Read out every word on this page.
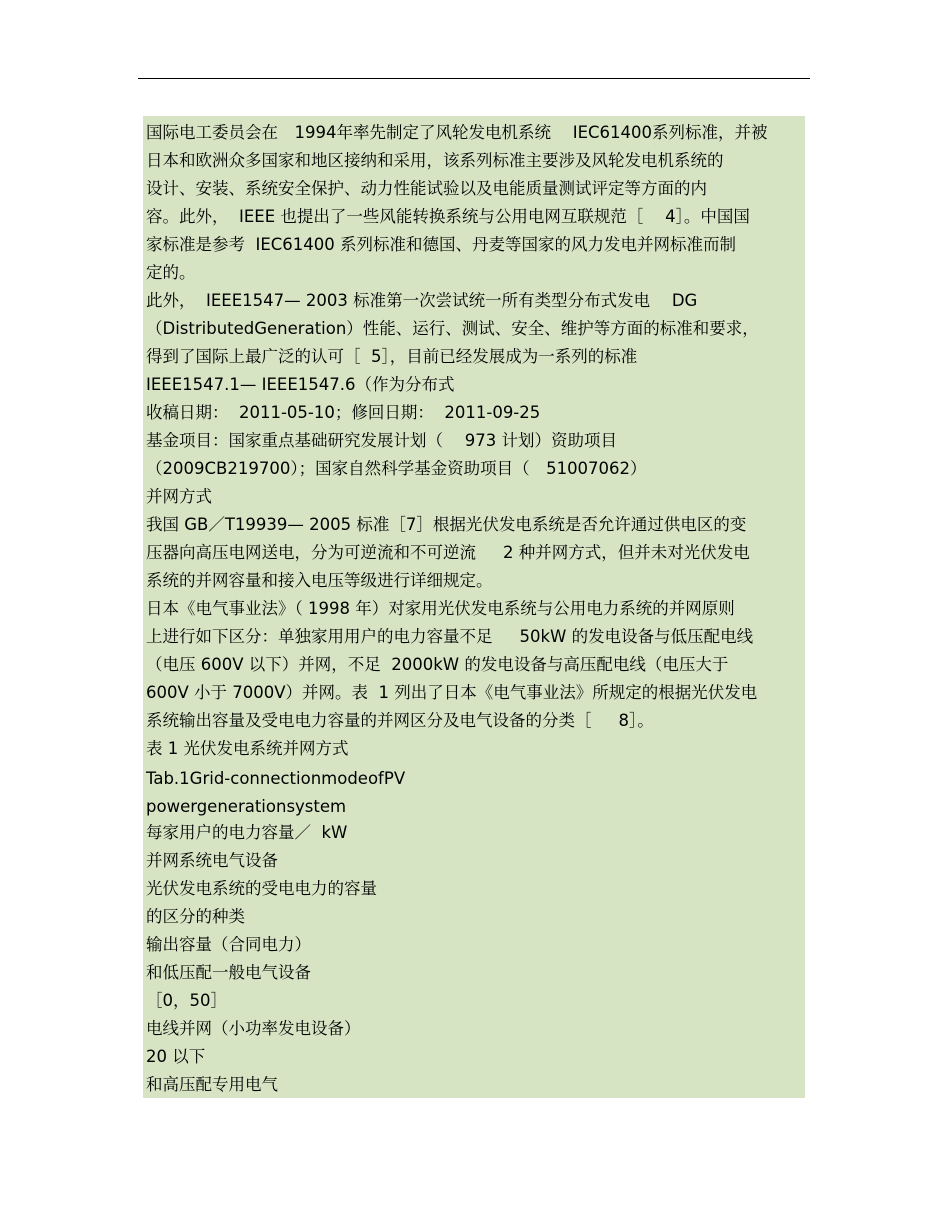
国际电工委员会在　1994年率先制定了风轮发电机系统　 IEC61400系列标准，并被
日本和欧洲众多国家和地区接纳和采用，该系列标准主要涉及风轮发电机系统的
设计、安装、系统安全保护、动力性能试验以及电能质量测试评定等方面的内
容。此外，  IEEE 也提出了一些风能转换系统与公用电网互联规范［　 4］。中国国
家标准是参考  IEC61400 系列标准和德国、丹麦等国家的风力发电并网标准而制
定的。
此外，  IEEE1547— 2003 标准第一次尝试统一所有类型分布式发电　 DG
（DistributedGeneration）性能、运行、测试、安全、维护等方面的标准和要求，
得到了国际上最广泛的认可［  5］，目前已经发展成为一系列的标准
IEEE1547.1— IEEE1547.6（作为分布式
收稿日期：  2011-05-10；修回日期：  2011-09-25
基金项目：国家重点基础研究发展计划（　 973 计划）资助项目
（2009CB219700）；国家自然科学基金资助项目（　51007062）
并网方式
我国 GB／T19939— 2005 标准［7］根据光伏发电系统是否允许通过供电区的变
压器向高压电网送电，分为可逆流和不可逆流　  2 种并网方式，但并未对光伏发电
系统的并网容量和接入电压等级进行详细规定。
日本《电气事业法》（ 1998 年）对家用光伏发电系统与公用电力系统的并网原则
上进行如下区分：单独家用用户的电力容量不足　  50kW 的发电设备与低压配电线
（电压 600V 以下）并网，不足  2000kW 的发电设备与高压配电线（电压大于
600V 小于 7000V）并网。表  1 列出了日本《电气事业法》所规定的根据光伏发电
系统输出容量及受电电力容量的并网区分及电气设备的分类［　  8］。
表 1 光伏发电系统并网方式
Tab.1Grid-connectionmodeofPV
powergenerationsystem
每家用户的电力容量／  kW
并网系统电气设备
光伏发电系统的受电电力的容量
的区分的种类
输出容量（合同电力）
和低压配一般电气设备
［0，50］
电线并网（小功率发电设备）
20 以下
和高压配专用电气
